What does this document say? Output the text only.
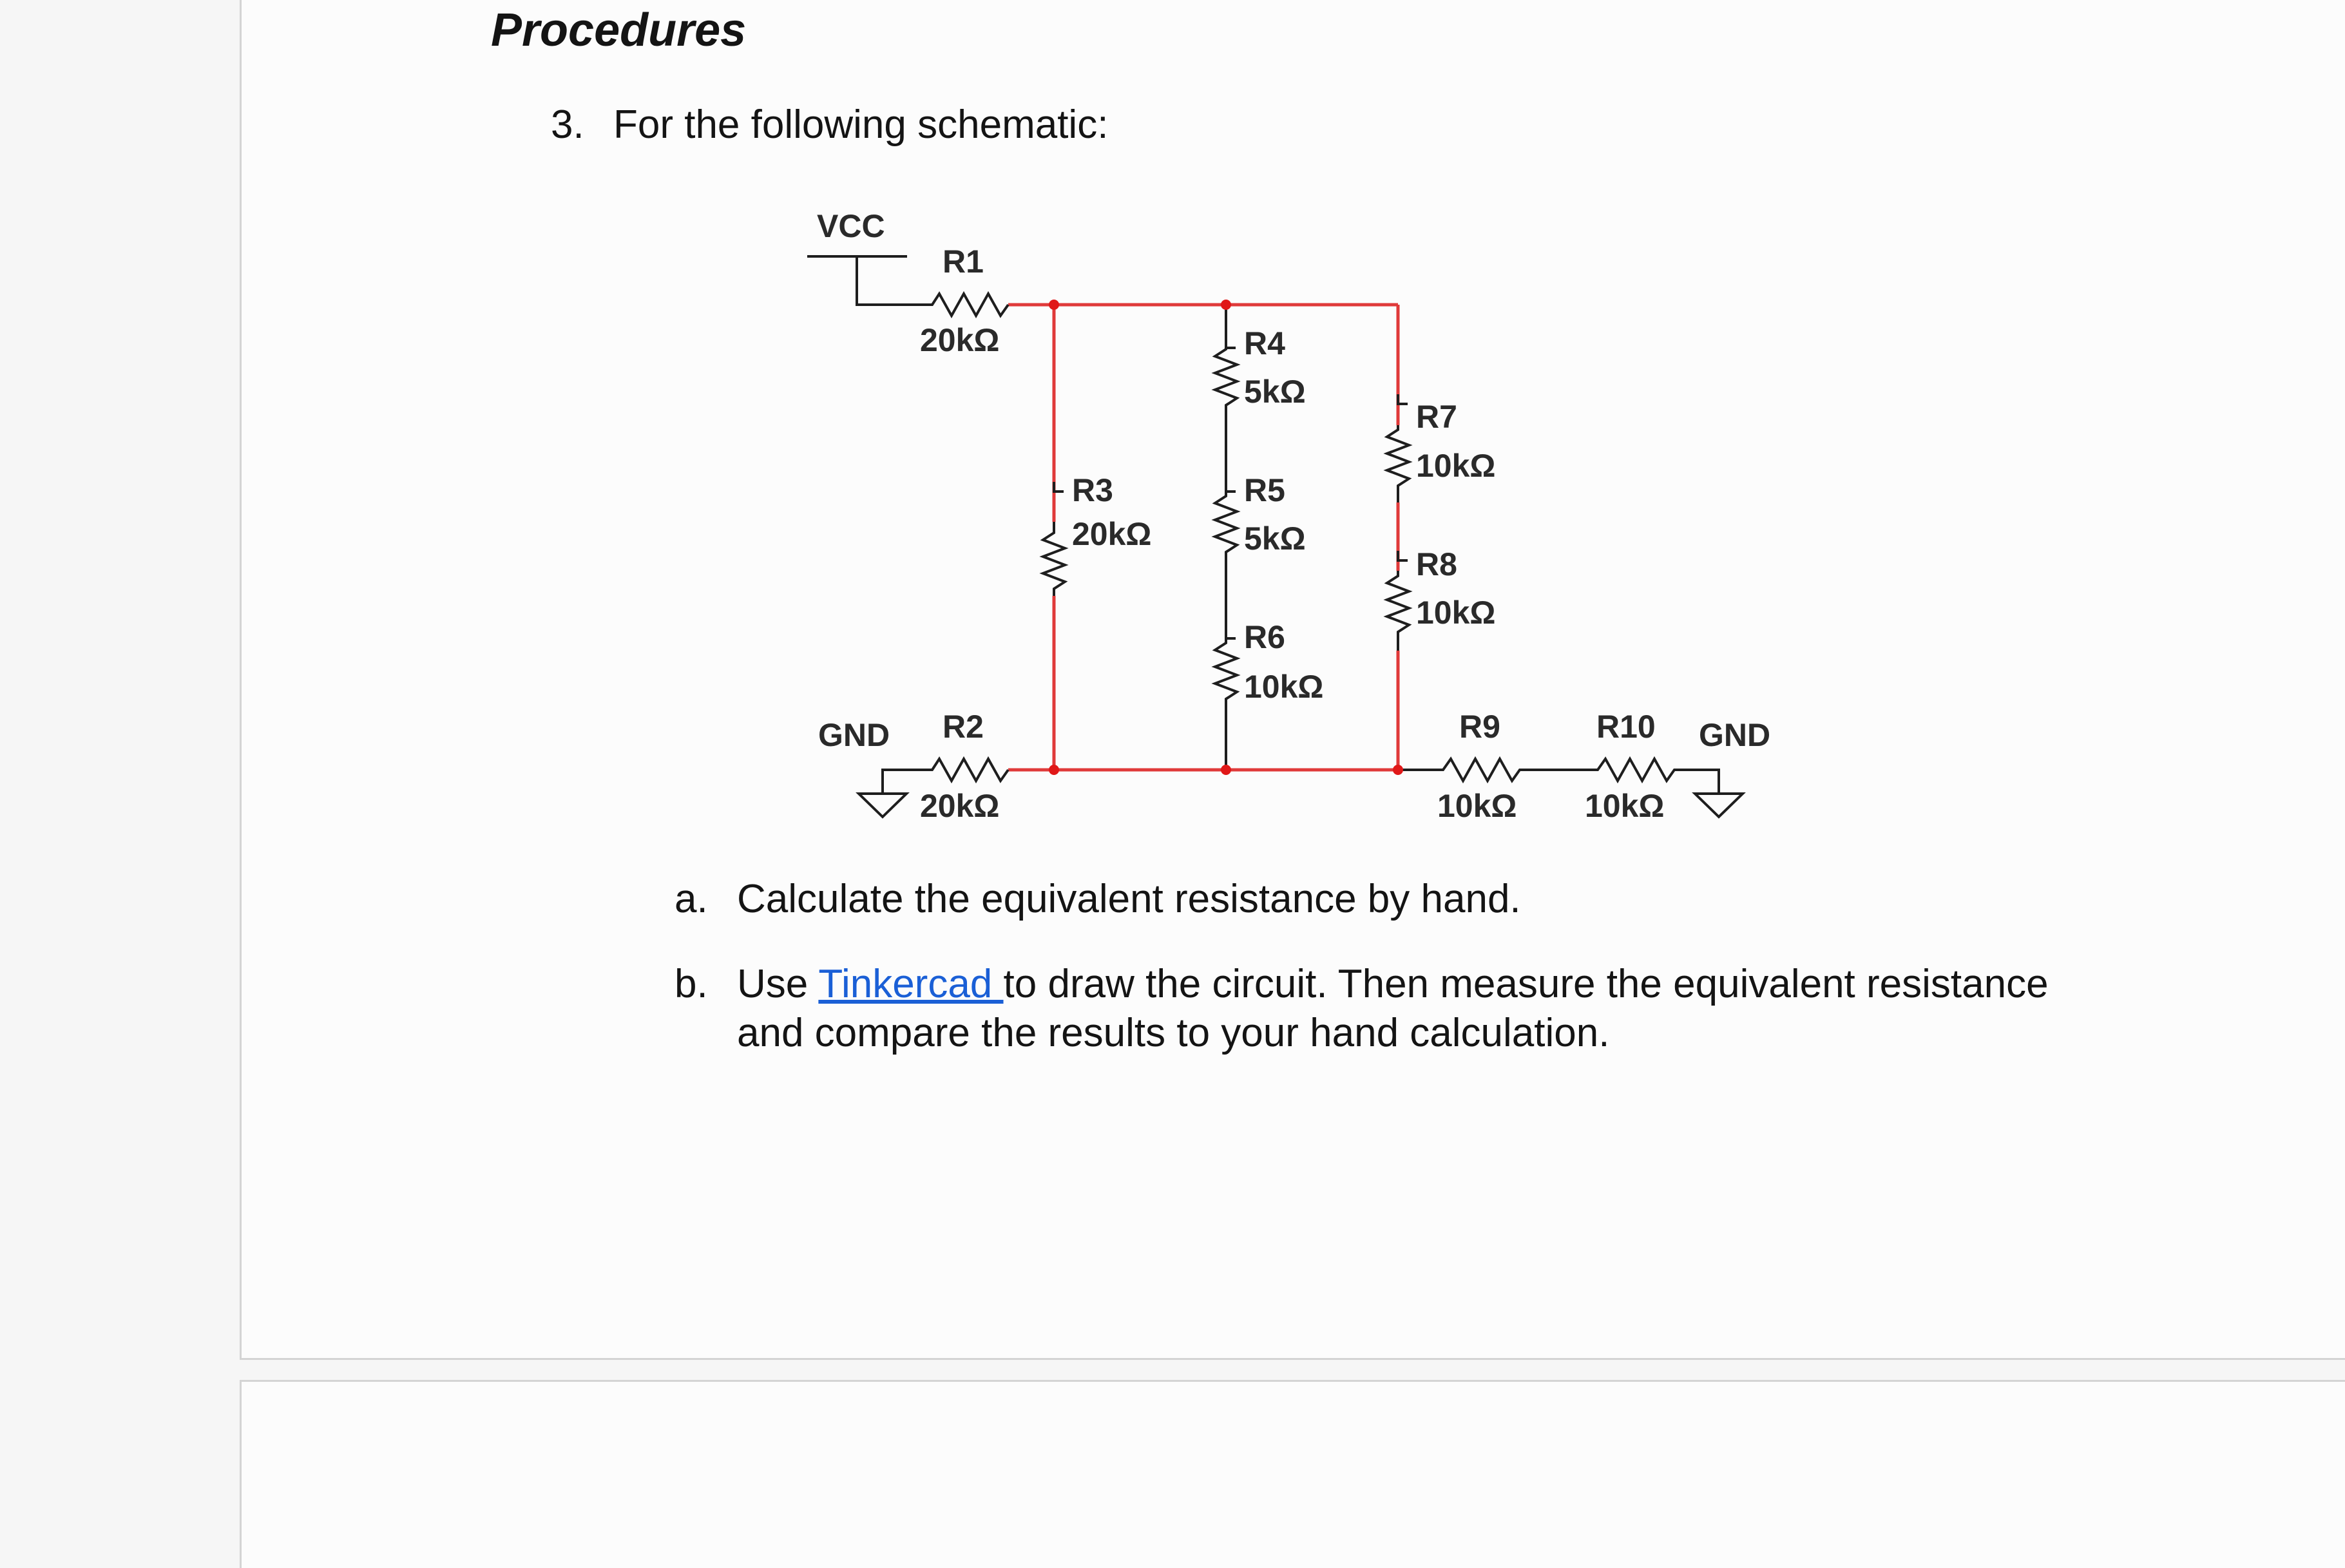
Procedures
3. For the following schematic:
VCC
GND	GND
R1
20kΩ
R2
20kΩ
R3
20kΩ
R4
5kΩ
R5
5kΩ
R6
10kΩ
R7
10kΩ
R8
10kΩ
R9
10kΩ
R10
10kΩ
a. Calculate the equivalent resistance by hand.
b. Use Tinkercad to draw the circuit. Then measure the equivalent resistance
and compare the results to your hand calculation.
